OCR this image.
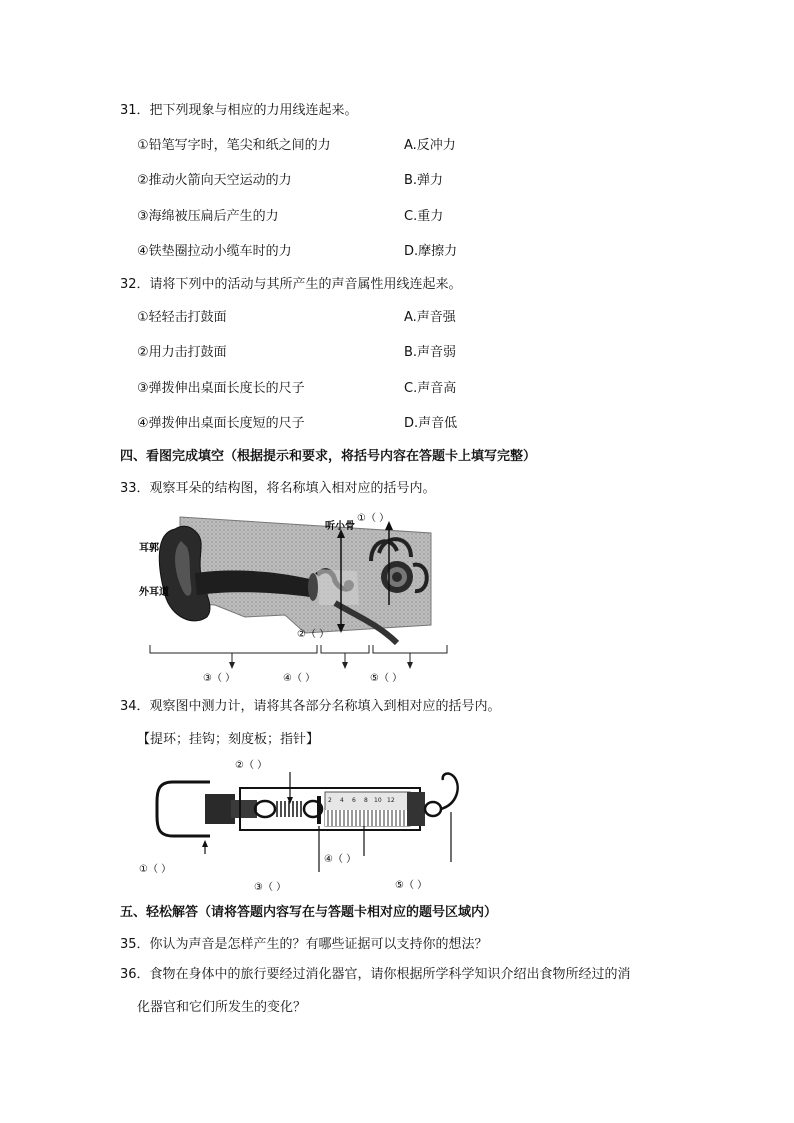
31．把下列现象与相应的力用线连起来。
①铅笔写字时，笔尖和纸之间的力	A.反冲力
②推动火箭向天空运动的力	B.弹力
③海绵被压扁后产生的力	C.重力
④铁垫圈拉动小缆车时的力	D.摩擦力
32．请将下列中的活动与其所产生的声音属性用线连起来。
①轻轻击打鼓面	A.声音强
②用力击打鼓面	B.声音弱
③弹拨伸出桌面长度长的尺子	C.声音高
④弹拨伸出桌面长度短的尺子	D.声音低
四、看图完成填空（根据提示和要求，将括号内容在答题卡上填写完整）
33．观察耳朵的结构图，将名称填入相对应的括号内。
耳郭
外耳道
听小骨
①（ ）
②（ ）
③（ ）	④（ ）	⑤（ ）
34．观察图中测力计，请将其各部分名称填入到相对应的括号内。
【提环；挂钩；刻度板；指针】
2 4 6 8 10 12
②（ ）
①（ ）
④（ ）
③（ ）	⑤（ ）
五、轻松解答（请将答题内容写在与答题卡相对应的题号区域内）
35．你认为声音是怎样产生的？有哪些证据可以支持你的想法？
36．食物在身体中的旅行要经过消化器官，请你根据所学科学知识介绍出食物所经过的消
化器官和它们所发生的变化？
